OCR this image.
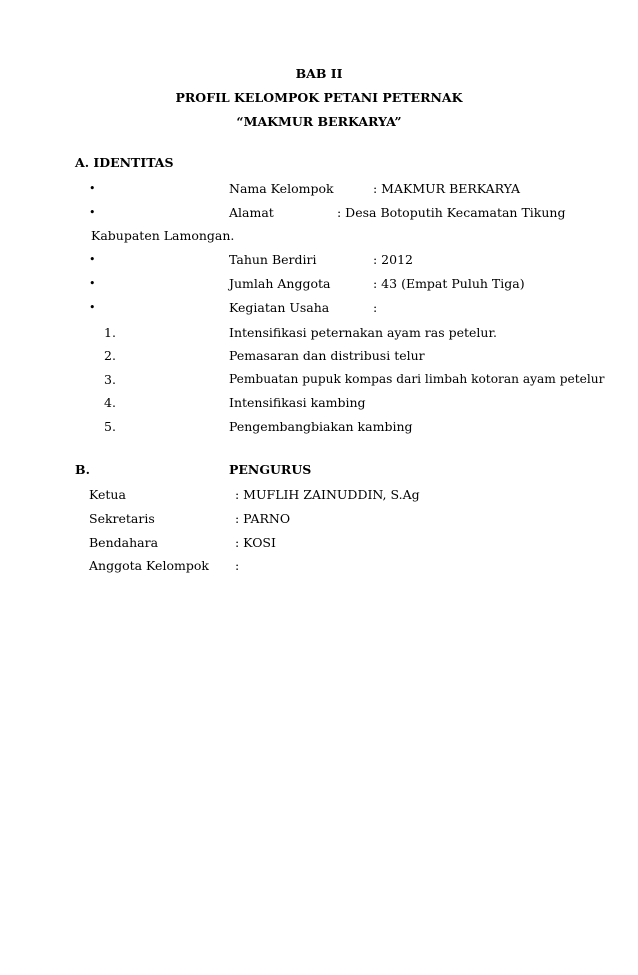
BAB II
PROFIL KELOMPOK PETANI PETERNAK
“MAKMUR BERKARYA”
A. IDENTITAS
•	Nama Kelompok	: MAKMUR BERKARYA
•	Alamat	: Desa Botoputih Kecamatan Tikung
Kabupaten Lamongan.
•	Tahun Berdiri	: 2012
•	Jumlah Anggota	: 43 (Empat Puluh Tiga)
•	Kegiatan Usaha	:
1.	Intensifikasi peternakan ayam ras petelur.
2.	Pemasaran dan distribusi telur
3.	Pembuatan pupuk kompas dari limbah kotoran ayam petelur
4.	Intensifikasi kambing
5.	Pengembangbiakan kambing
B.	PENGURUS
Ketua	: MUFLIH ZAINUDDIN, S.Ag
Sekretaris	: PARNO
Bendahara	: KOSI
Anggota Kelompok :
